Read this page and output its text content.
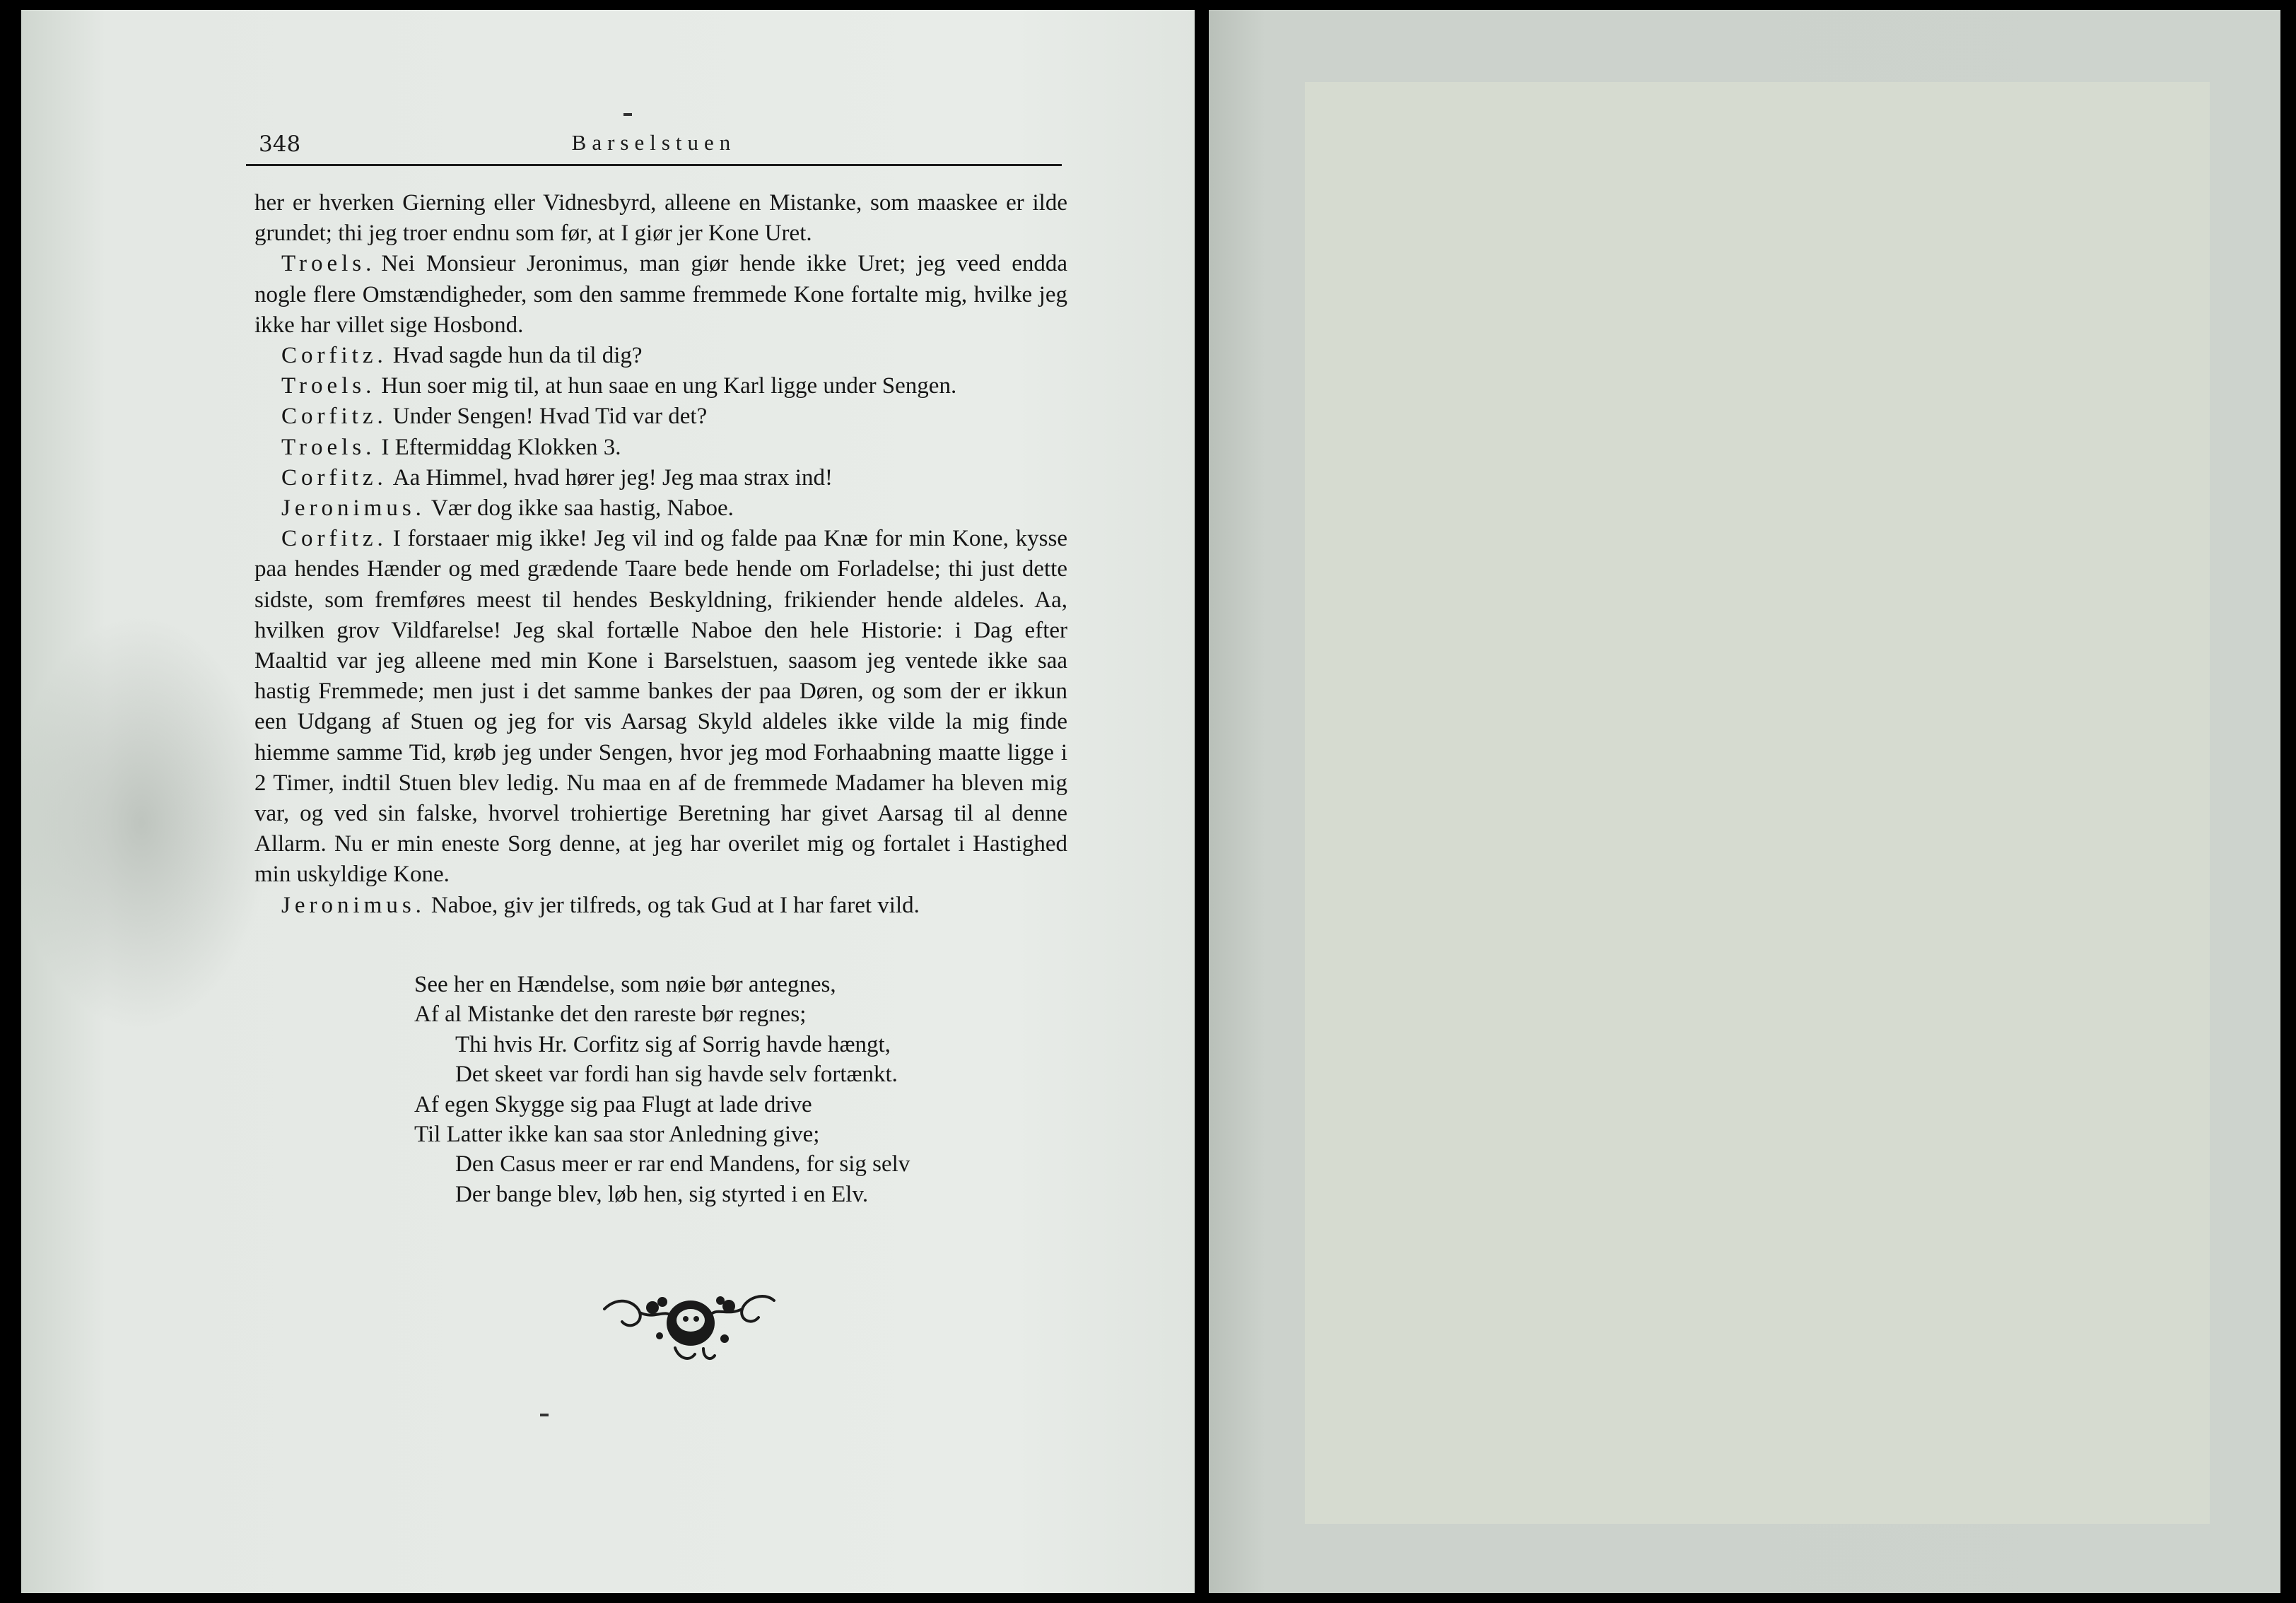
348	Barselstuen

her er hverken Gierning eller Vidnesbyrd, alleene en Mistanke, som maaskee er ilde grundet; thi jeg troer endnu som før, at I giør jer Kone Uret.

Troels. Nei Monsieur Jeronimus, man giør hende ikke Uret; jeg veed endda nogle flere Omstændigheder, som den samme fremmede Kone fortalte mig, hvilke jeg ikke har villet sige Hosbond.

Corfitz. Hvad sagde hun da til dig?

Troels. Hun soer mig til, at hun saae en ung Karl ligge under Sengen.

Corfitz. Under Sengen! Hvad Tid var det?

Troels. I Eftermiddag Klokken 3.

Corfitz. Aa Himmel, hvad hører jeg! Jeg maa strax ind!

Jeronimus. Vær dog ikke saa hastig, Naboe.

Corfitz. I forstaaer mig ikke! Jeg vil ind og falde paa Knæ for min Kone, kysse paa hendes Hænder og med grædende Taare bede hende om Forladelse; thi just dette sidste, som fremføres meest til hendes Beskyldning, frikiender hende aldeles. Aa, hvilken grov Vildfarelse! Jeg skal fortælle Naboe den hele Historie: i Dag efter Maaltid var jeg alleene med min Kone i Barselstuen, saasom jeg ventede ikke saa hastig Fremmede; men just i det samme bankes der paa Døren, og som der er ikkun een Udgang af Stuen og jeg for vis Aarsag Skyld aldeles ikke vilde la mig finde hiemme samme Tid, krøb jeg under Sengen, hvor jeg mod Forhaabning maatte ligge i 2 Timer, indtil Stuen blev ledig. Nu maa en af de fremmede Madamer ha bleven mig var, og ved sin falske, hvorvel trohiertige Beretning har givet Aarsag til al denne Allarm. Nu er min eneste Sorg denne, at jeg har overilet mig og fortalet i Hastighed min uskyldige Kone.

Jeronimus. Naboe, giv jer tilfreds, og tak Gud at I har faret vild.

See her en Hændelse, som nøie bør antegnes,
Af al Mistanke det den rareste bør regnes;
Thi hvis Hr. Corfitz sig af Sorrig havde hængt,
Det skeet var fordi han sig havde selv fortænkt.
Af egen Skygge sig paa Flugt at lade drive
Til Latter ikke kan saa stor Anledning give;
Den Casus meer er rar end Mandens, for sig selv
Der bange blev, løb hen, sig styrted i en Elv.
